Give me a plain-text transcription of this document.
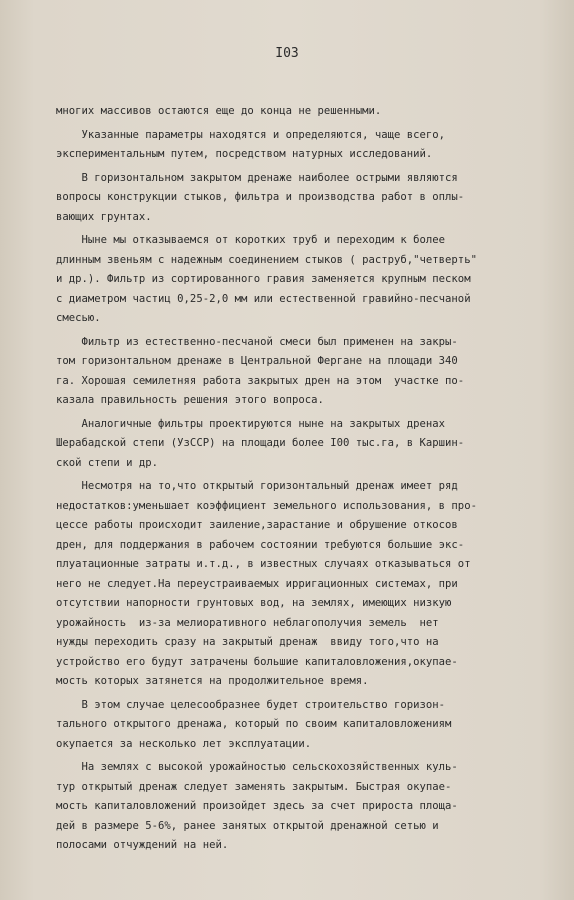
I03
многих массивов остаются еще до конца не решенными.
Указанные параметры находятся и определяются, чаще всего,
экспериментальным путем, посредством натурных исследований.
В горизонтальном закрытом дренаже наиболее острыми являются
вопросы конструкции стыков, фильтра и производства работ в оплы-
вающих грунтах.
Ныне мы отказываемся от коротких труб и переходим к более
длинным звеньям с надежным соединением стыков ( раструб,"четверть"
и др.). Фильтр из сортированного гравия заменяется крупным песком
с диаметром частиц 0,25-2,0 мм или естественной гравийно-песчаной
смесью.
Фильтр из естественно-песчаной смеси был применен на закры-
том горизонтальном дренаже в Центральной Фергане на площади 340
га. Хорошая семилетняя работа закрытых дрен на этом  участке по-
казала правильность решения этого вопроса.
Аналогичные фильтры проектируются ныне на закрытых дренах
Шерабадской степи (УзССР) на площади более I00 тыс.га, в Каршин-
ской степи и др.
Несмотря на то,что открытый горизонтальный дренаж имеет ряд
недостатков:уменьшает коэффициент земельного использования, в про-
цессе работы происходит заиление,зарастание и обрушение откосов
дрен, для поддержания в рабочем состоянии требуются большие экс-
плуатационные затраты и.т.д., в известных случаях отказываться от
него не следует.На переустраиваемых ирригационных системах, при
отсутствии напорности грунтовых вод, на землях, имеющих низкую
урожайность  из-за мелиоративного неблагополучия земель  нет
нужды переходить сразу на закрытый дренаж  ввиду того,что на
устройство его будут затрачены большие капиталовложения,окупае-
мость которых затянется на продолжительное время.
В этом случае целесообразнее будет строительство горизон-
тального открытого дренажа, который по своим капиталовложениям
окупается за несколько лет эксплуатации.
На землях с высокой урожайностью сельскохозяйственных куль-
тур открытый дренаж следует заменять закрытым. Быстрая окупае-
мость капиталовложений произойдет здесь за счет прироста площа-
дей в размере 5-6%, ранее занятых открытой дренажной сетью и
полосами отчуждений на ней.
